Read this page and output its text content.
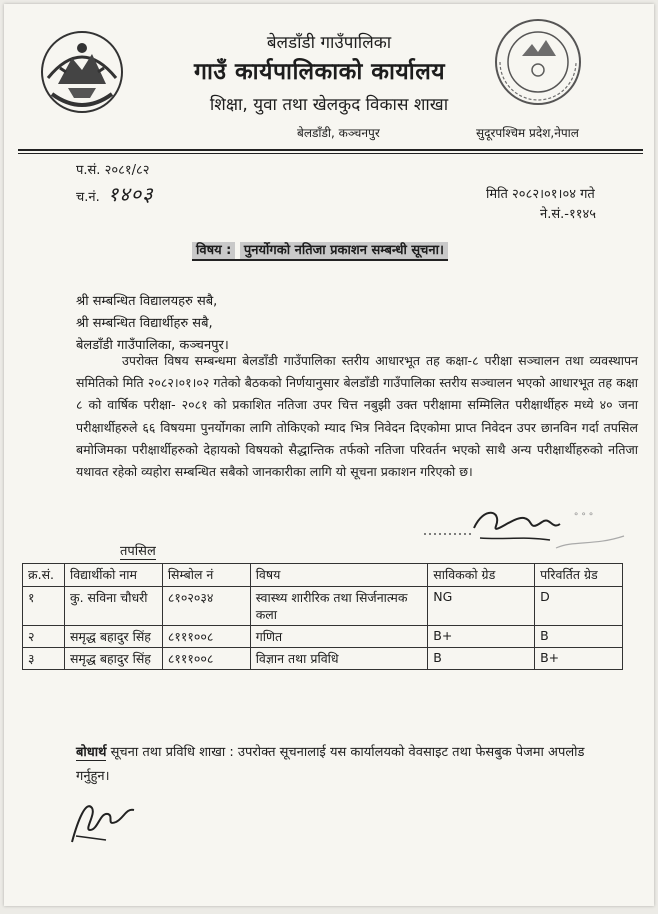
बेलडाँडी गाउँपालिका
गाउँ कार्यपालिकाको कार्यालय
शिक्षा, युवा तथा खेलकुद विकास शाखा
बेलडाँडी, कञ्चनपुर	सुदूरपश्चिम प्रदेश,नेपाल
प.सं. २०८१/८२
च.नं. १४०३	मिति २०८२।०१।०४ गते
ने.सं.-११४५
विषय : पुनर्योगको नतिजा प्रकाशन सम्बन्धी सूचना।
श्री सम्बन्धित विद्यालयहरु सबै,
श्री सम्बन्धित विद्यार्थीहरु सबै,
बेलडाँडी गाउँपालिका, कञ्चनपुर।
उपरोक्त विषय सम्बन्धमा बेलडाँडी गाउँपालिका स्तरीय आधारभूत तह कक्षा-८ परीक्षा सञ्चालन तथा व्यवस्थापन समितिको मिति २०८२।०१।०२ गतेको बैठकको निर्णयानुसार बेलडाँडी गाउँपालिका स्तरीय सञ्चालन भएको आधारभूत तह कक्षा ८ को वार्षिक परीक्षा- २०८१ को प्रकाशित नतिजा उपर चित्त नबुझी उक्त परीक्षामा सम्मिलित परीक्षार्थीहरु मध्ये ४० जना परीक्षार्थीहरुले ६६ विषयमा पुनर्योगका लागि तोकिएको म्याद भित्र निवेदन दिएकोमा प्राप्त निवेदन उपर छानविन गर्दा तपसिल बमोजिमका परीक्षार्थीहरुको देहायको विषयको सैद्धान्तिक तर्फको नतिजा परिवर्तन भएको साथै अन्य परीक्षार्थीहरुको नतिजा यथावत रहेको व्यहोरा सम्बन्धित सबैको जानकारीका लागि यो सूचना प्रकाशन गरिएको छ।
॰ ॰ ॰
तपसिल
क्र.सं.	विद्यार्थीको नाम	सिम्बोल नं	विषय	साविकको ग्रेड	परिवर्तित ग्रेड
१	कु. सविना चौधरी	८१०२०३४	स्वास्थ्य शारीरिक तथा सिर्जनात्मक कला	NG	D
२	समृद्ध बहादुर सिंह	८१११००८	गणित	B+	B
३	समृद्ध बहादुर सिंह	८१११००८	विज्ञान तथा प्रविधि	B	B+
बोधार्थ सूचना तथा प्रविधि शाखा : उपरोक्त सूचनालाई यस कार्यालयको वेवसाइट तथा फेसबुक पेजमा अपलोड
गर्नुहुन।
